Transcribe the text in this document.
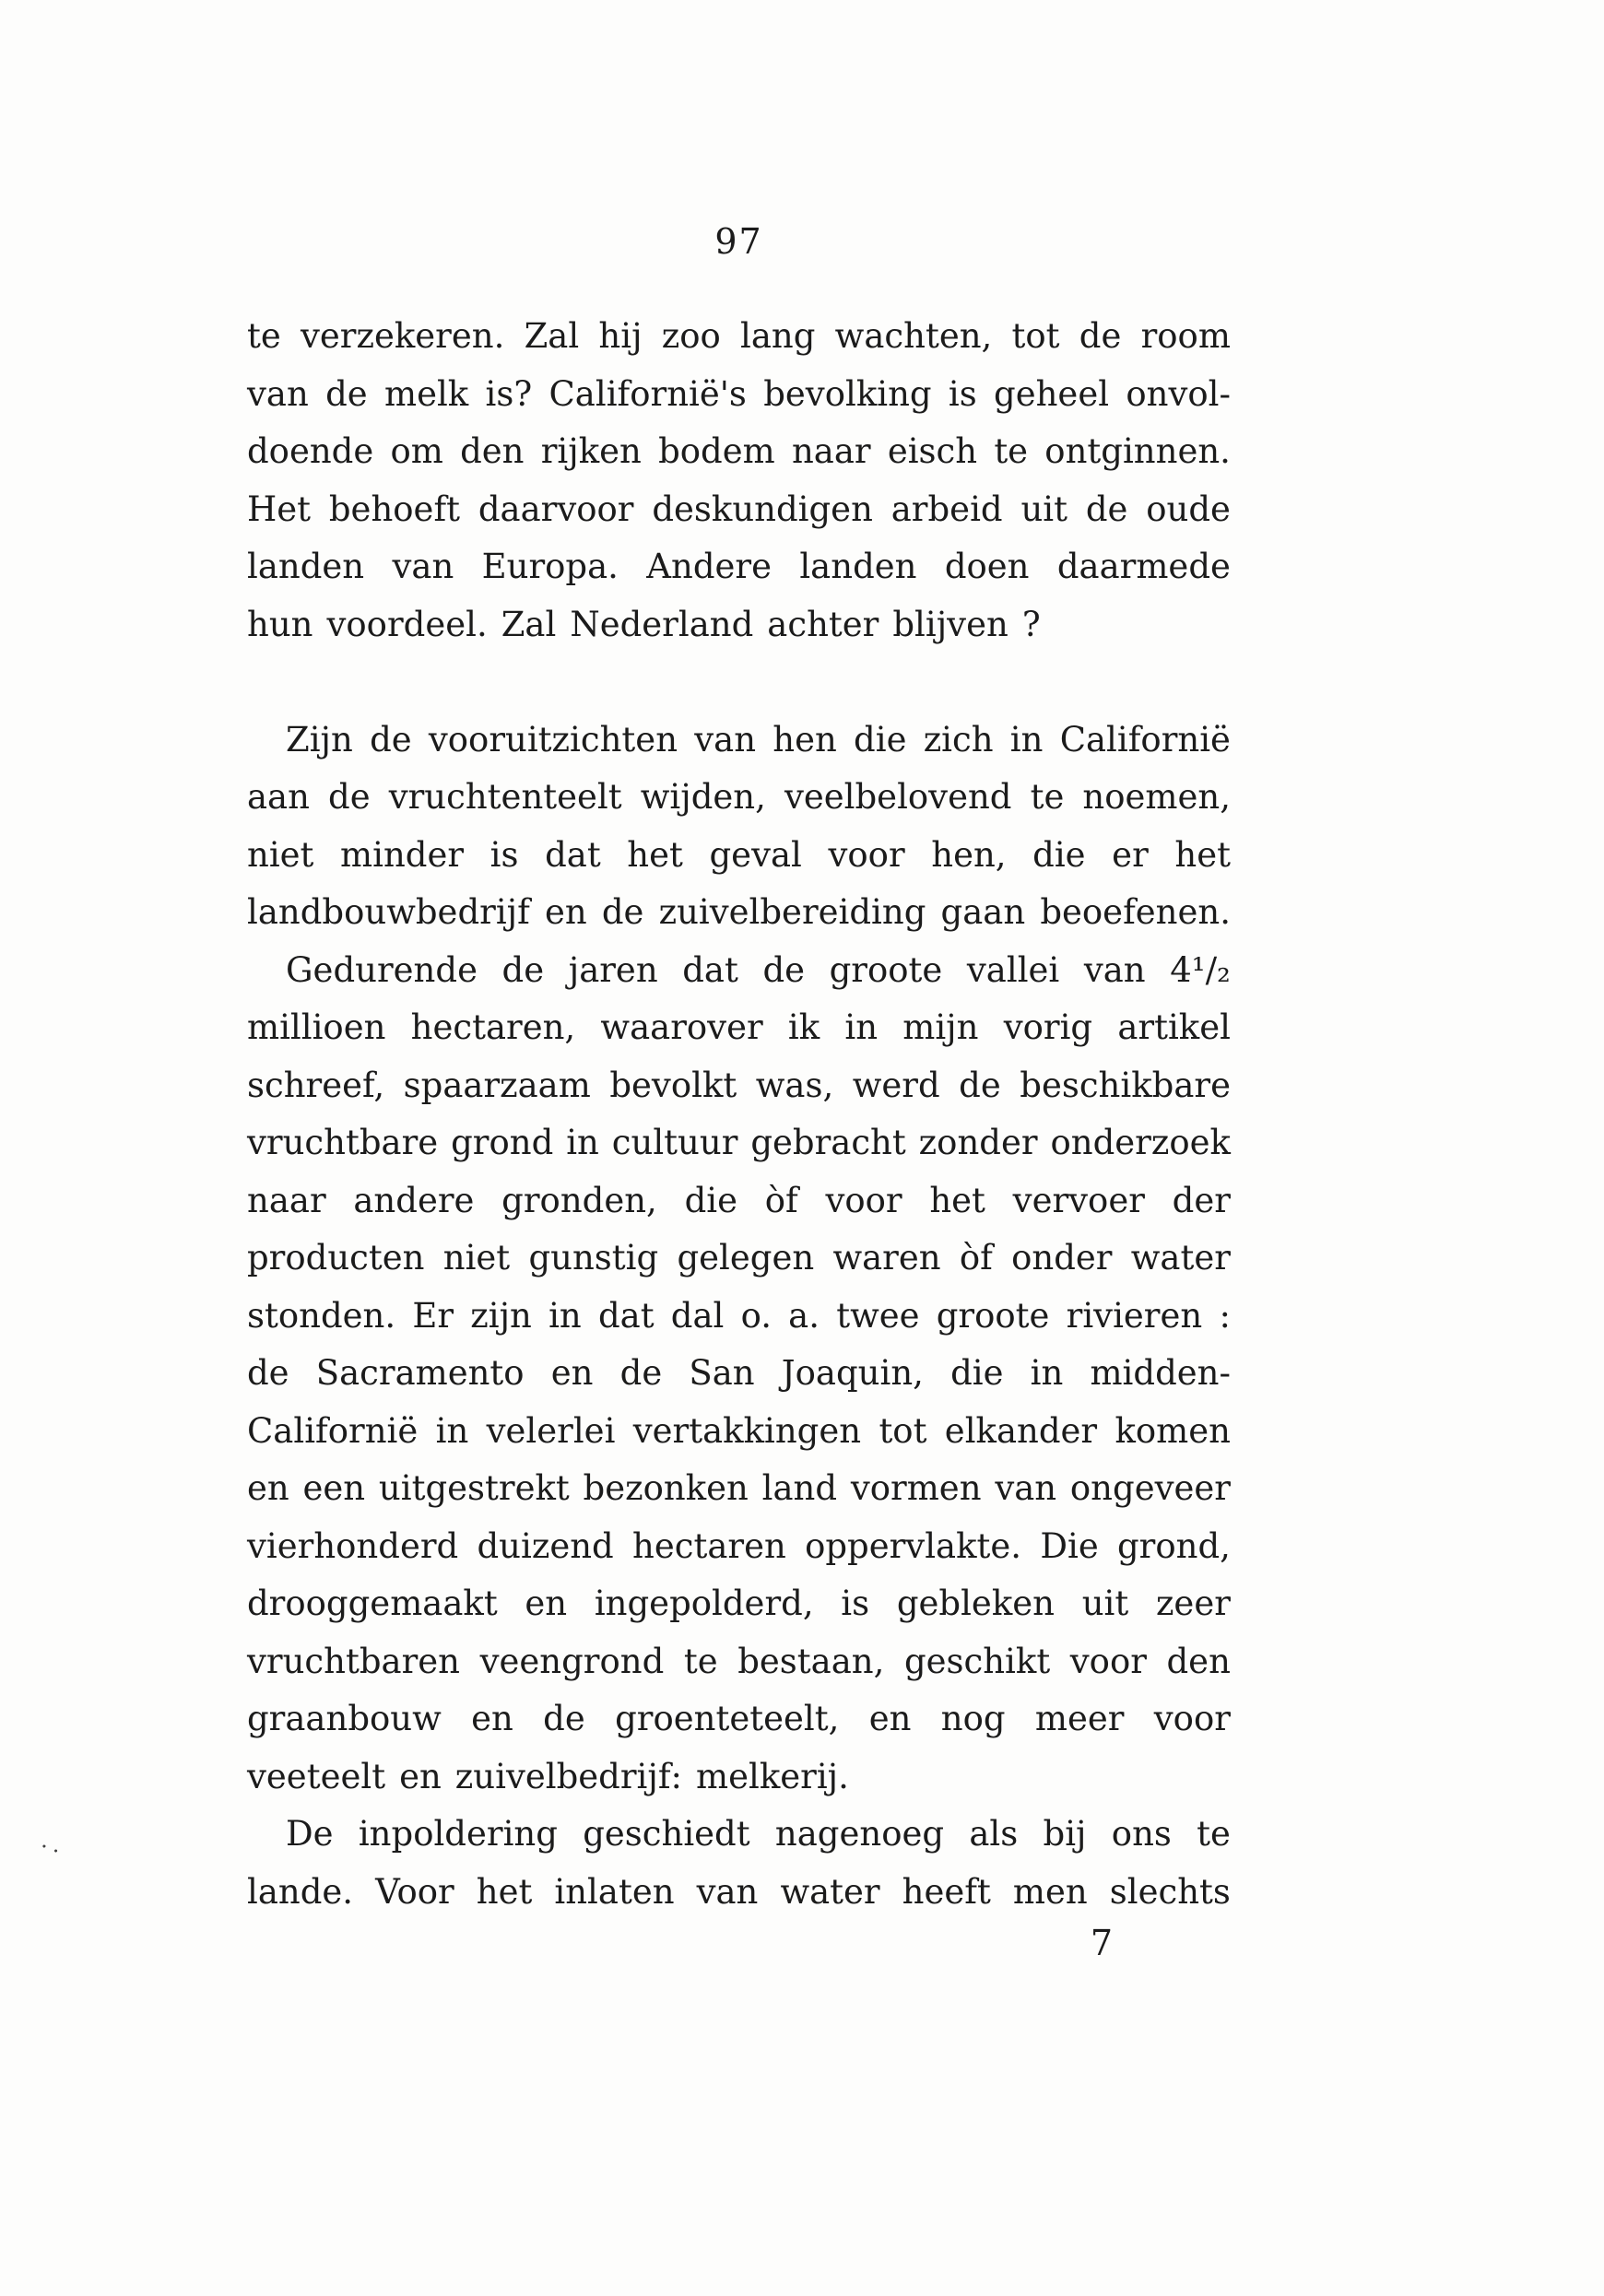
97
te verzekeren. Zal hij zoo lang wachten, tot de room
van de melk is? Californië's bevolking is geheel onvol-
doende om den rijken bodem naar eisch te ontginnen.
Het behoeft daarvoor deskundigen arbeid uit de oude
landen van Europa. Andere landen doen daarmede
hun voordeel. Zal Nederland achter blijven ?
Zijn de vooruitzichten van hen die zich in Californië
aan de vruchtenteelt wijden, veelbelovend te noemen,
niet minder is dat het geval voor hen, die er het
landbouwbedrijf en de zuivelbereiding gaan beoefenen.
Gedurende de jaren dat de groote vallei van 4¹/₂
millioen hectaren, waarover ik in mijn vorig artikel
schreef, spaarzaam bevolkt was, werd de beschikbare
vruchtbare grond in cultuur gebracht zonder onderzoek
naar andere gronden, die òf voor het vervoer der
producten niet gunstig gelegen waren òf onder water
stonden. Er zijn in dat dal o. a. twee groote rivieren :
de Sacramento en de San Joaquin, die in midden-
Californië in velerlei vertakkingen tot elkander komen
en een uitgestrekt bezonken land vormen van ongeveer
vierhonderd duizend hectaren oppervlakte. Die grond,
drooggemaakt en ingepolderd, is gebleken uit zeer
vruchtbaren veengrond te bestaan, geschikt voor den
graanbouw en de groenteteelt, en nog meer voor
veeteelt en zuivelbedrijf: melkerij.
De inpoldering geschiedt nagenoeg als bij ons te
lande. Voor het inlaten van water heeft men slechts
·.
7
